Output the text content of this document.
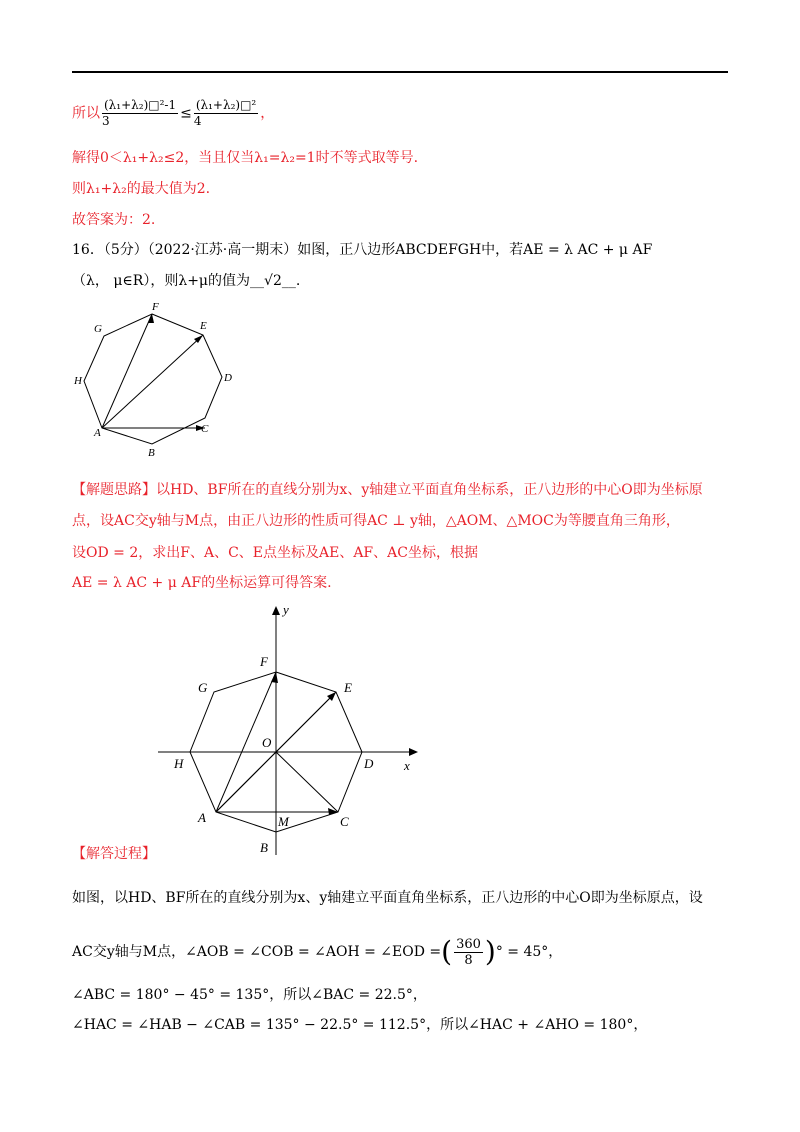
所以 $\frac{\text{(λ₁+λ₂)□²-1}}{3} \le \frac{\text{(λ₁+λ₂)□²}}{4}$ ，
解得0＜λ₁+λ₂≤2，当且仅当λ₁=λ₂=1时不等式取等号.
则λ₁+λ₂的最大值为2.
故答案为：2.
16．（5分）（2022·江苏·高一期末）如图，正八边形ABCDEFGH中，若AE = λ AC + μ AF
（λ， μ∈R），则λ+μ的值为__√2__.
F
E
G
H	D
A	C
B
【解题思路】以HD、BF所在的直线分别为x、y轴建立平面直角坐标系，正八边形的中心O即为坐标原
点，设AC交y轴与M点，由正八边形的性质可得AC ⊥ y轴，△AOM、△MOC为等腰直角三角形，
设OD = 2，求出F、A、C、E点坐标及AE、AF、AC坐标，根据
AE = λ AC + μ AF的坐标运算可得答案.
y
x
F
G	E
O
H	D
A	M	C
B
【解答过程】
如图，以HD、BF所在的直线分别为x、y轴建立平面直角坐标系，正八边形的中心O即为坐标原点，设
AC交y轴与M点，∠AOB = ∠COB = ∠AOH = ∠EOD =( $\frac{360}{8}$ )° = 45°，
∠ABC = 180° − 45° = 135°，所以∠BAC = 22.5°，
∠HAC = ∠HAB − ∠CAB = 135° − 22.5° = 112.5°，所以∠HAC + ∠AHO = 180°，
